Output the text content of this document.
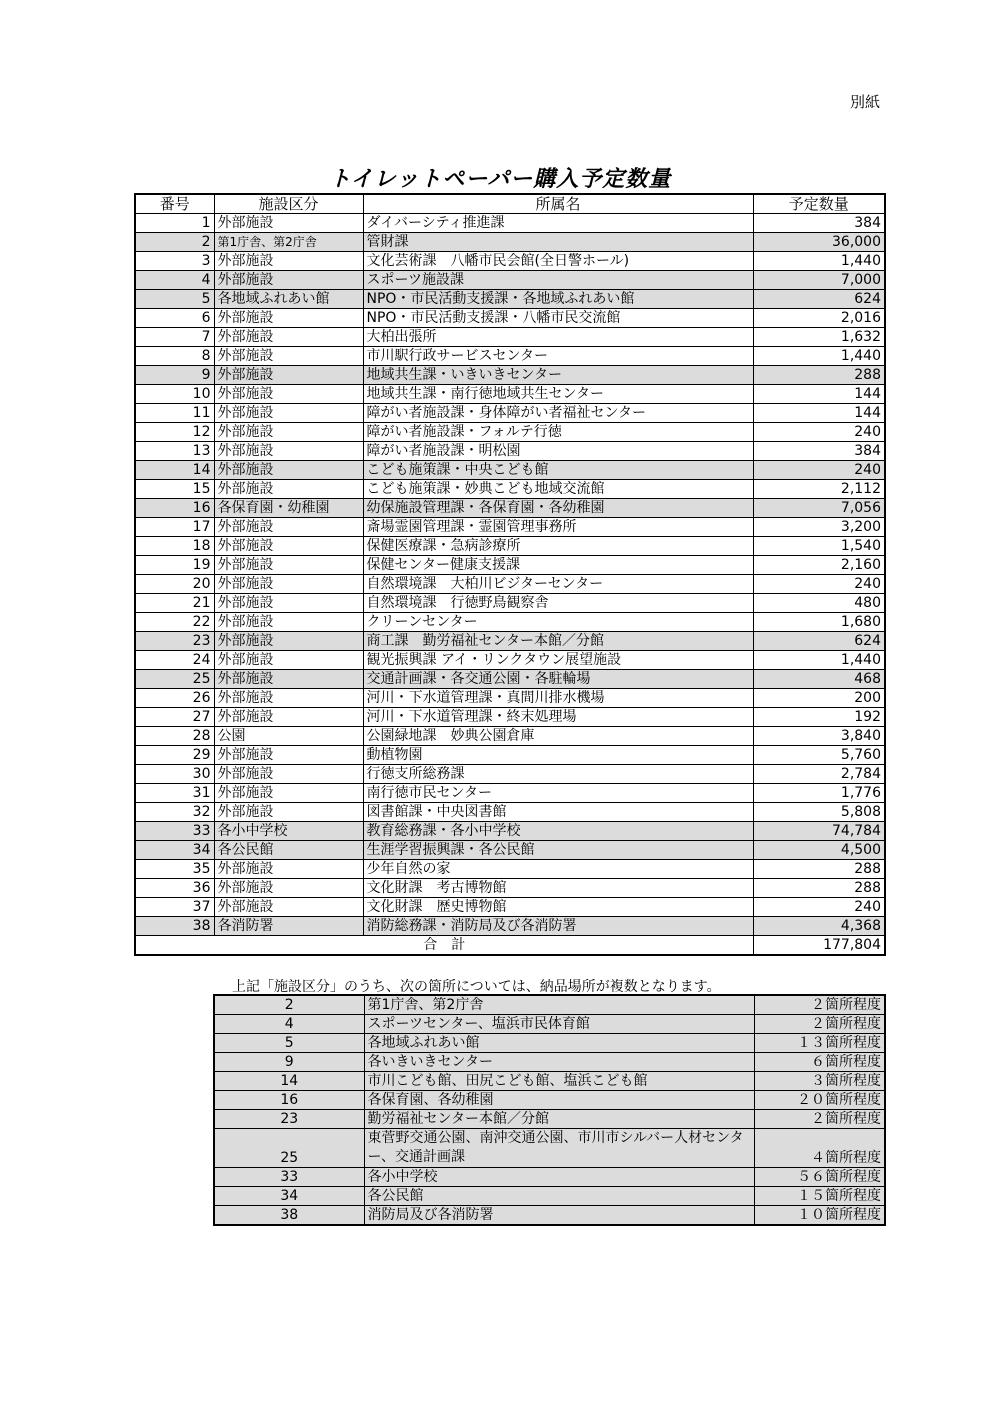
別紙
トイレットペーパー購入予定数量
番号	施設区分	所属名	予定数量
1	外部施設	ダイバーシティ推進課	384
2	第1庁舎、第2庁舎	管財課	36,000
3	外部施設	文化芸術課　八幡市民会館(全日警ホール)	1,440
4	外部施設	スポーツ施設課	7,000
5	各地域ふれあい館	NPO・市民活動支援課・各地域ふれあい館	624
6	外部施設	NPO・市民活動支援課・八幡市民交流館	2,016
7	外部施設	大柏出張所	1,632
8	外部施設	市川駅行政サービスセンター	1,440
9	外部施設	地域共生課・いきいきセンター	288
10	外部施設	地域共生課・南行徳地域共生センター	144
11	外部施設	障がい者施設課・身体障がい者福祉センター	144
12	外部施設	障がい者施設課・フォルテ行徳	240
13	外部施設	障がい者施設課・明松園	384
14	外部施設	こども施策課・中央こども館	240
15	外部施設	こども施策課・妙典こども地域交流館	2,112
16	各保育園・幼稚園	幼保施設管理課・各保育園・各幼稚園	7,056
17	外部施設	斎場霊園管理課・霊園管理事務所	3,200
18	外部施設	保健医療課・急病診療所	1,540
19	外部施設	保健センター健康支援課	2,160
20	外部施設	自然環境課　大柏川ビジターセンター	240
21	外部施設	自然環境課　行徳野鳥観察舎	480
22	外部施設	クリーンセンター	1,680
23	外部施設	商工課　勤労福祉センター本館／分館	624
24	外部施設	観光振興課 アイ・リンクタウン展望施設	1,440
25	外部施設	交通計画課・各交通公園・各駐輪場	468
26	外部施設	河川・下水道管理課・真間川排水機場	200
27	外部施設	河川・下水道管理課・終末処理場	192
28	公園	公園緑地課　妙典公園倉庫	3,840
29	外部施設	動植物園	5,760
30	外部施設	行徳支所総務課	2,784
31	外部施設	南行徳市民センター	1,776
32	外部施設	図書館課・中央図書館	5,808
33	各小中学校	教育総務課・各小中学校	74,784
34	各公民館	生涯学習振興課・各公民館	4,500
35	外部施設	少年自然の家	288
36	外部施設	文化財課　考古博物館	288
37	外部施設	文化財課　歴史博物館	240
38	各消防署	消防総務課・消防局及び各消防署	4,368
合　計			177,804
上記「施設区分」のうち、次の箇所については、納品場所が複数となります。
2	第1庁舎、第2庁舎	２箇所程度
4	スポーツセンター、塩浜市民体育館	２箇所程度
5	各地域ふれあい館	１３箇所程度
9	各いきいきセンター	６箇所程度
14	市川こども館、田尻こども館、塩浜こども館	３箇所程度
16	各保育園、各幼稚園	２０箇所程度
23	勤労福祉センター本館／分館	２箇所程度
25	東菅野交通公園、南沖交通公園、市川市シルバー人材センター、交通計画課	４箇所程度
33	各小中学校	５６箇所程度
34	各公民館	１５箇所程度
38	消防局及び各消防署	１０箇所程度
